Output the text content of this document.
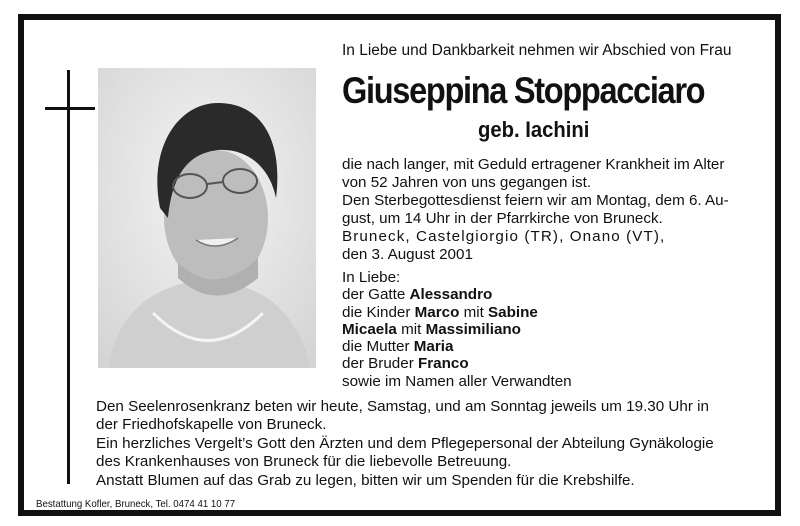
In Liebe und Dankbarkeit nehmen wir Abschied von Frau
Giuseppina Stoppacciaro
geb. Iachini
die nach langer, mit Geduld ertragener Krankheit im Alter
von 52 Jahren von uns gegangen ist.
Den Sterbegottesdienst feiern wir am Montag, dem 6. Au-
gust, um 14 Uhr in der Pfarrkirche von Bruneck.
Bruneck, Castelgiorgio (TR), Onano (VT),
den 3. August 2001
In Liebe:
der Gatte Alessandro
die Kinder Marco mit Sabine
Micaela mit Massimiliano
die Mutter Maria
der Bruder Franco
sowie im Namen aller Verwandten

Den Seelenrosenkranz beten wir heute, Samstag, und am Sonntag jeweils um 19.30 Uhr in
der Friedhofskapelle von Bruneck.

Ein herzliches Vergelt’s Gott den Ärzten und dem Pflegepersonal der Abteilung Gynäkologie
des Krankenhauses von Bruneck für die liebevolle Betreuung.

Anstatt Blumen auf das Grab zu legen, bitten wir um Spenden für die Krebshilfe.

Bestattung Kofler, Bruneck, Tel. 0474 41 10 77
